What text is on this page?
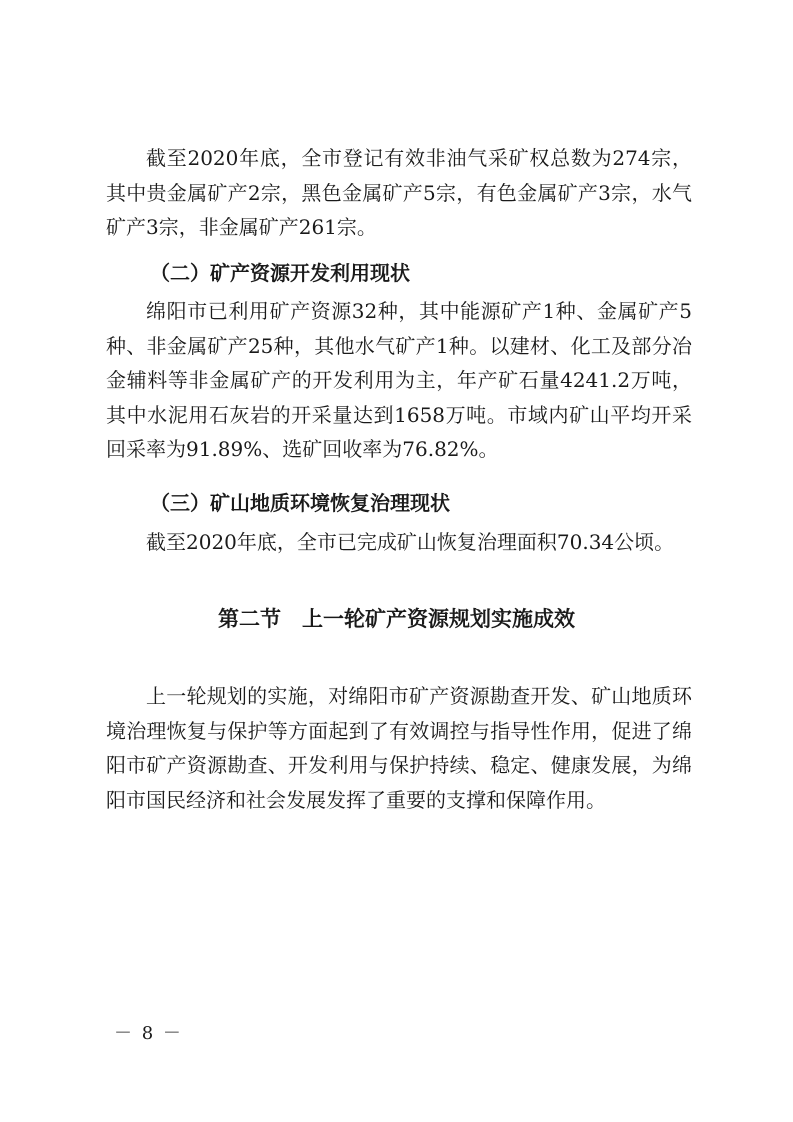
截至2020年底，全市登记有效非油气采矿权总数为274宗，其中贵金属矿产2宗，黑色金属矿产5宗，有色金属矿产3宗，水气矿产3宗，非金属矿产261宗。

（二）矿产资源开发利用现状

绵阳市已利用矿产资源32种，其中能源矿产1种、金属矿产5种、非金属矿产25种，其他水气矿产1种。以建材、化工及部分冶金辅料等非金属矿产的开发利用为主，年产矿石量4241.2万吨，其中水泥用石灰岩的开采量达到1658万吨。市域内矿山平均开采回采率为91.89%、选矿回收率为76.82%。

（三）矿山地质环境恢复治理现状

截至2020年底，全市已完成矿山恢复治理面积70.34公顷。

第二节　上一轮矿产资源规划实施成效

上一轮规划的实施，对绵阳市矿产资源勘查开发、矿山地质环境治理恢复与保护等方面起到了有效调控与指导性作用，促进了绵阳市矿产资源勘查、开发利用与保护持续、稳定、健康发展，为绵阳市国民经济和社会发展发挥了重要的支撑和保障作用。

－ 8 －
